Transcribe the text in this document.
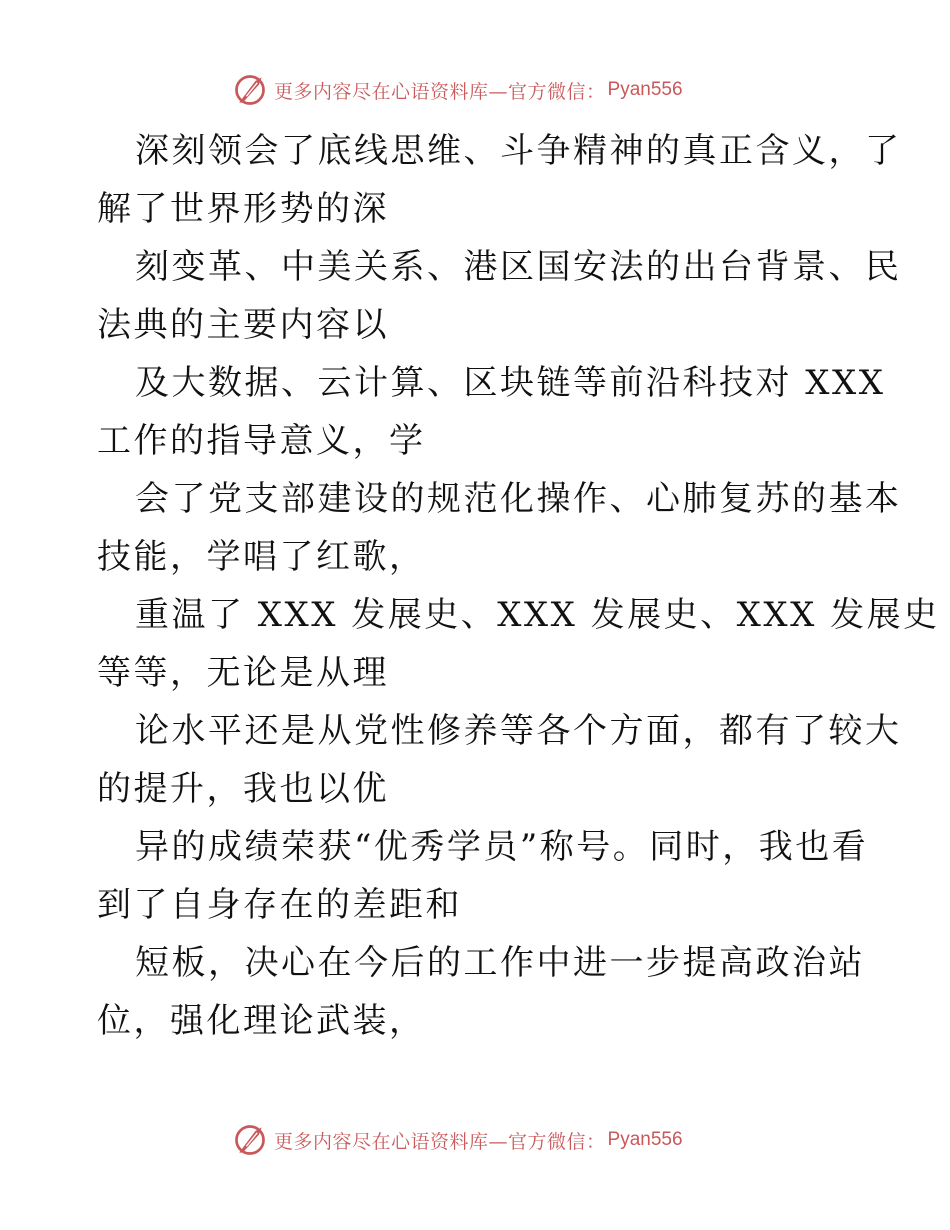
更多内容尽在心语资料库—官方微信： Pyan556
深刻领会了底线思维、斗争精神的真正含义，了
解了世界形势的深
刻变革、中美关系、港区国安法的出台背景、民
法典的主要内容以
及大数据、云计算、区块链等前沿科技对 XXX
工作的指导意义，学
会了党支部建设的规范化操作、心肺复苏的基本
技能，学唱了红歌，
重温了 XXX 发展史、XXX 发展史、XXX 发展史
等等，无论是从理
论水平还是从党性修养等各个方面，都有了较大
的提升，我也以优
异的成绩荣获“优秀学员”称号。同时，我也看
到了自身存在的差距和
短板，决心在今后的工作中进一步提高政治站
位，强化理论武装，
更多内容尽在心语资料库—官方微信： Pyan556
